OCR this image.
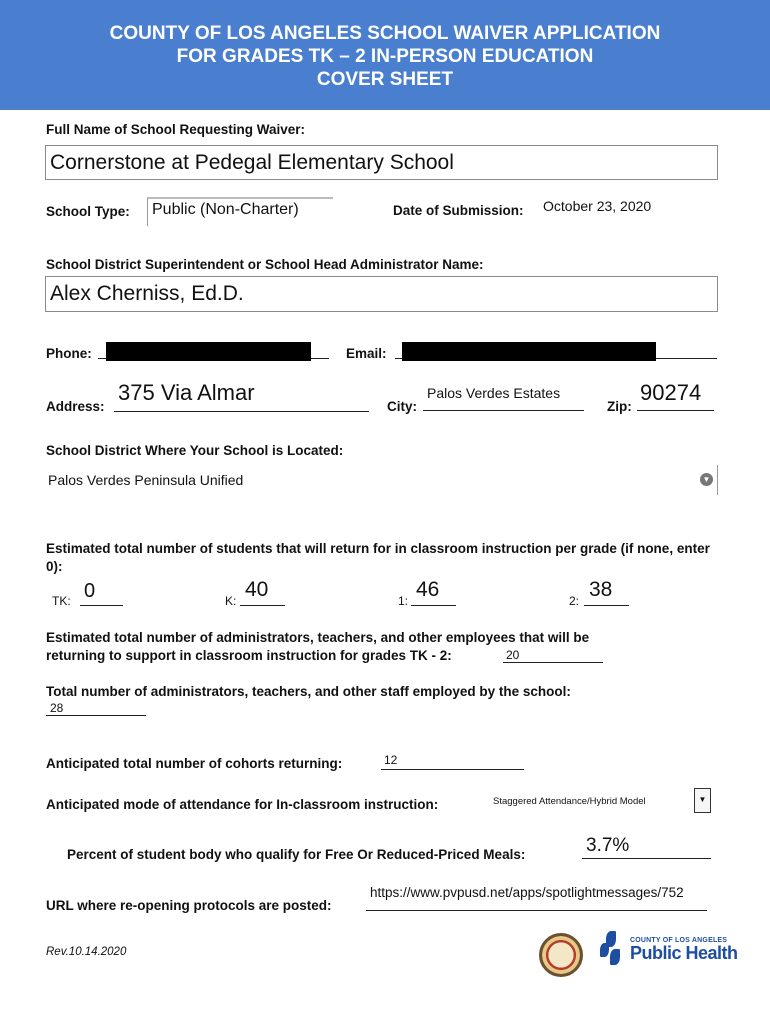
COUNTY OF LOS ANGELES SCHOOL WAIVER APPLICATION
FOR GRADES TK – 2 IN-PERSON EDUCATION
COVER SHEET
Full Name of School Requesting Waiver:
Cornerstone at Pedegal Elementary School
School Type:	Public (Non-Charter)	Date of Submission: October 23, 2020
School District Superintendent or School Head Administrator Name:
Alex Cherniss, Ed.D.
Phone:	Email:
Address:
375 Via Almar
City:
Palos Verdes Estates
Zip:
90274
School District Where Your School is Located:
Palos Verdes Peninsula Unified	▼
Estimated total number of students that will return for in classroom instruction per grade (if none, enter 0):
TK: 0	K: 40	1: 46	2: 38
Estimated total number of administrators, teachers, and other employees that will be
returning to support in classroom instruction for grades TK - 2:	20
Total number of administrators, teachers, and other staff employed by the school:
28
Anticipated total number of cohorts returning:	12
Anticipated mode of attendance for In-classroom instruction:	Staggered Attendance/Hybrid Model	▼
Percent of student body who qualify for Free Or Reduced-Priced Meals:	3.7%
URL where re-opening protocols are posted:
https://www.pvpusd.net/apps/spotlightmessages/752
Rev.10.14.2020
COUNTY OF LOS ANGELES
Public Health
